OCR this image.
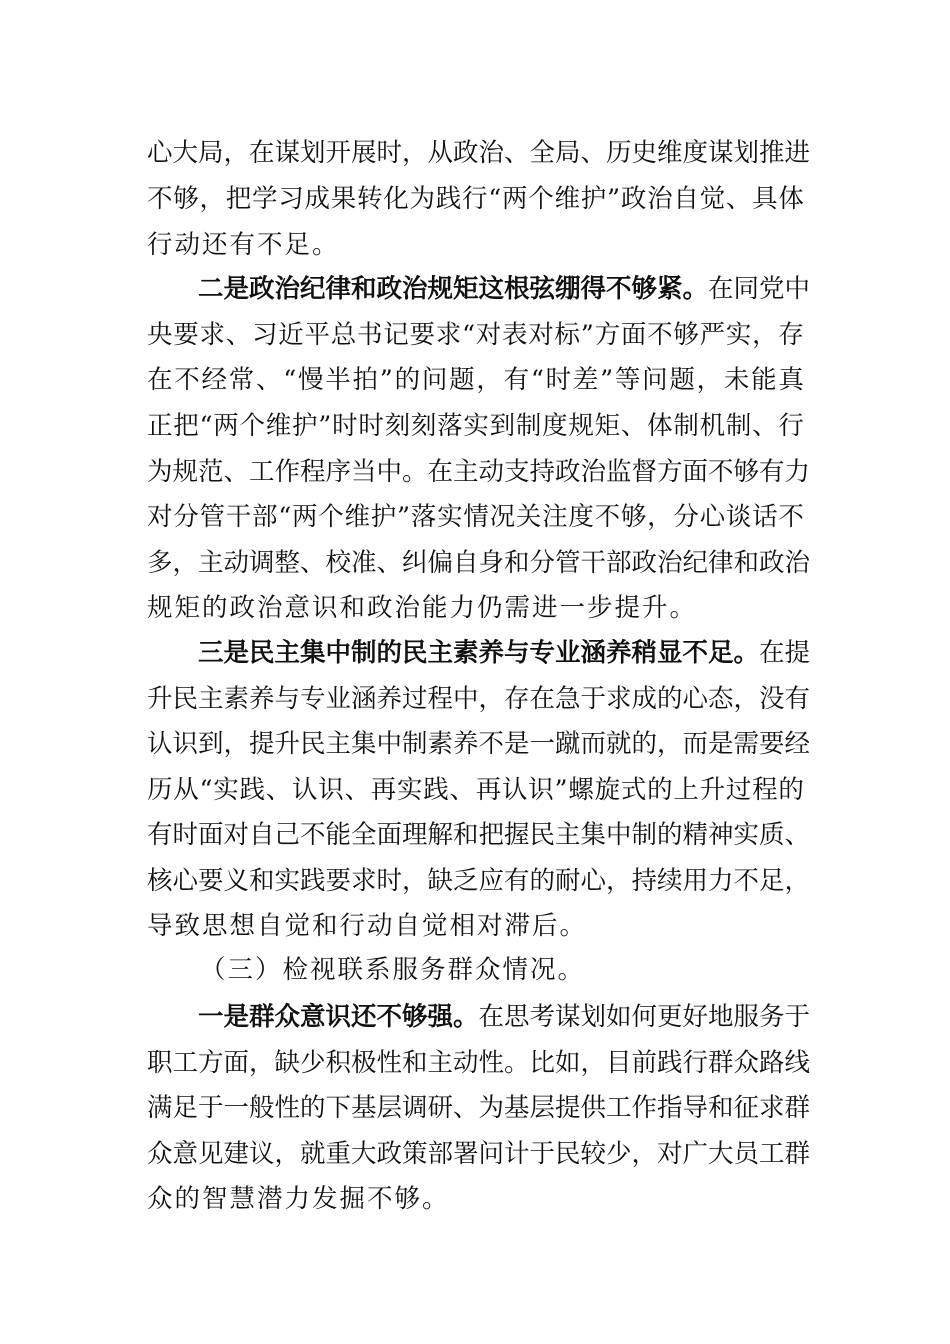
心大局，在谋划开展时，从政治、全局、历史维度谋划推进
不够，把学习成果转化为践行“两个维护”政治自觉、具体
行动还有不足。
二是政治纪律和政治规矩这根弦绷得不够紧。在同党中
央要求、习近平总书记要求“对表对标”方面不够严实，存
在不经常、“慢半拍”的问题，有“时差”等问题，未能真
正把“两个维护”时时刻刻落实到制度规矩、体制机制、行
为规范、工作程序当中。在主动支持政治监督方面不够有力
对分管干部“两个维护”落实情况关注度不够，分心谈话不
多，主动调整、校准、纠偏自身和分管干部政治纪律和政治
规矩的政治意识和政治能力仍需进一步提升。
三是民主集中制的民主素养与专业涵养稍显不足。在提
升民主素养与专业涵养过程中，存在急于求成的心态，没有
认识到，提升民主集中制素养不是一蹴而就的，而是需要经
历从“实践、认识、再实践、再认识”螺旋式的上升过程的
有时面对自己不能全面理解和把握民主集中制的精神实质、
核心要义和实践要求时，缺乏应有的耐心，持续用力不足，
导致思想自觉和行动自觉相对滞后。
（三）检视联系服务群众情况。
一是群众意识还不够强。在思考谋划如何更好地服务于
职工方面，缺少积极性和主动性。比如，目前践行群众路线
满足于一般性的下基层调研、为基层提供工作指导和征求群
众意见建议，就重大政策部署问计于民较少，对广大员工群
众的智慧潜力发掘不够。
